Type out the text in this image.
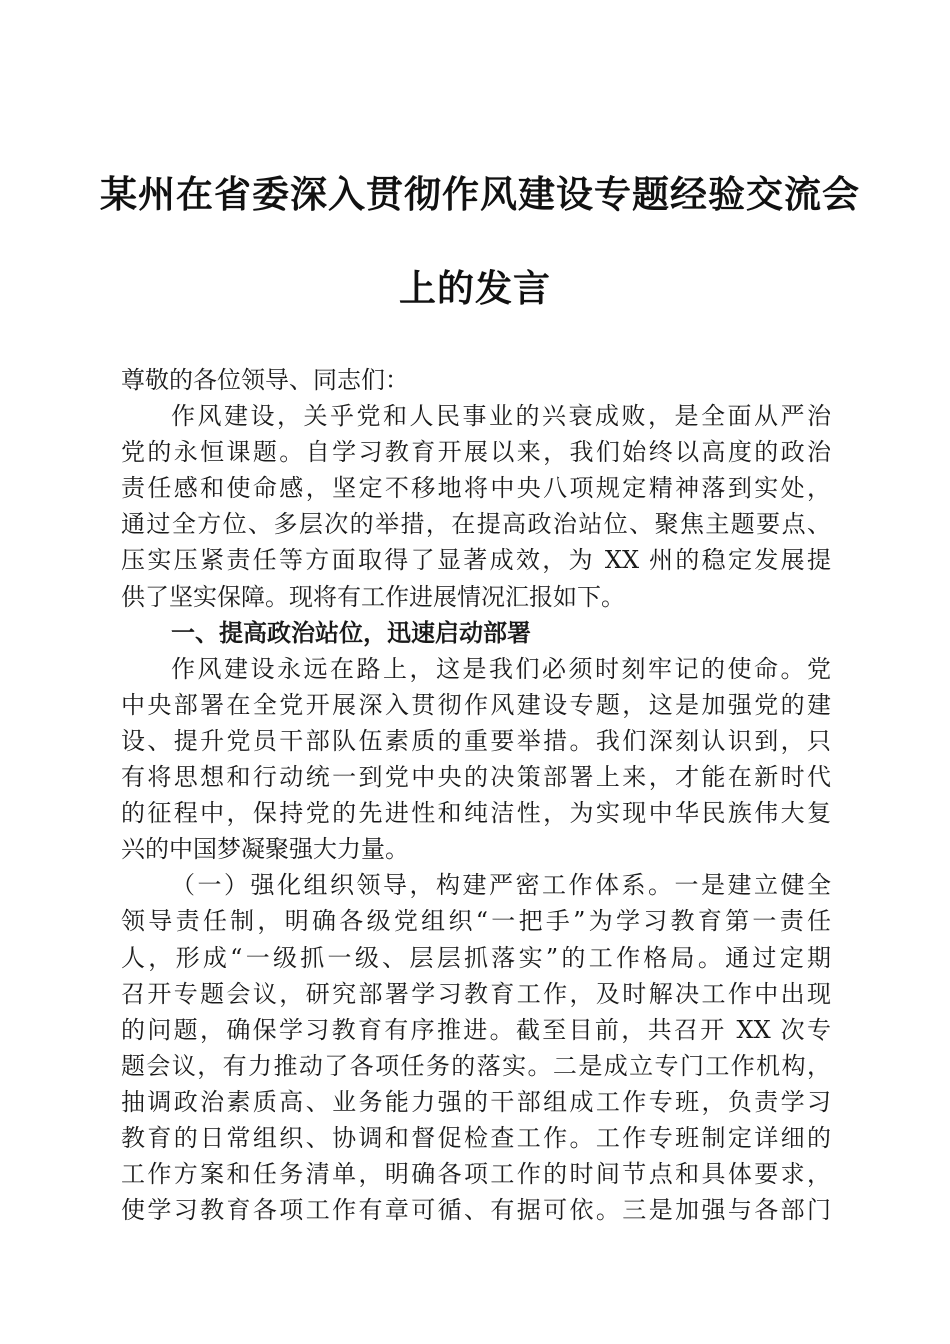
某州在省委深入贯彻作风建设专题经验交流会
上的发言
尊敬的各位领导、同志们：
作风建设，关乎党和人民事业的兴衰成败，是全面从严治
党的永恒课题。自学习教育开展以来，我们始终以高度的政治
责任感和使命感，坚定不移地将中央八项规定精神落到实处，
通过全方位、多层次的举措，在提高政治站位、聚焦主题要点、
压实压紧责任等方面取得了显著成效，为 XX 州的稳定发展提
供了坚实保障。现将有工作进展情况汇报如下。
一、提高政治站位，迅速启动部署
作风建设永远在路上，这是我们必须时刻牢记的使命。党
中央部署在全党开展深入贯彻作风建设专题，这是加强党的建
设、提升党员干部队伍素质的重要举措。我们深刻认识到，只
有将思想和行动统一到党中央的决策部署上来，才能在新时代
的征程中，保持党的先进性和纯洁性，为实现中华民族伟大复
兴的中国梦凝聚强大力量。
（一）强化组织领导，构建严密工作体系。一是建立健全
领导责任制，明确各级党组织“一把手”为学习教育第一责任
人，形成“一级抓一级、层层抓落实”的工作格局。通过定期
召开专题会议，研究部署学习教育工作，及时解决工作中出现
的问题，确保学习教育有序推进。截至目前，共召开 XX 次专
题会议，有力推动了各项任务的落实。二是成立专门工作机构，
抽调政治素质高、业务能力强的干部组成工作专班，负责学习
教育的日常组织、协调和督促检查工作。工作专班制定详细的
工作方案和任务清单，明确各项工作的时间节点和具体要求，
使学习教育各项工作有章可循、有据可依。三是加强与各部门
